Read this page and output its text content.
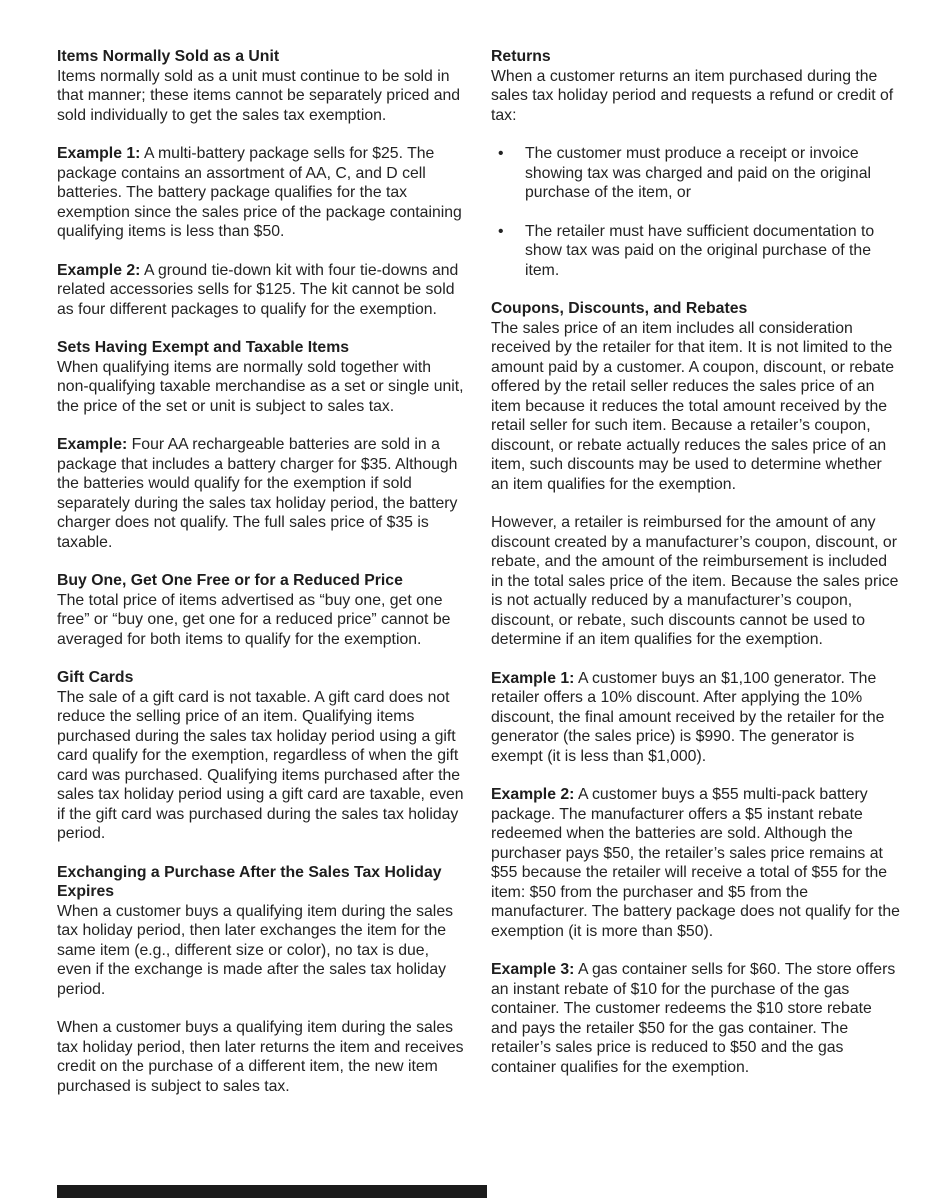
Items Normally Sold as a Unit

Items normally sold as a unit must continue to be sold in that manner; these items cannot be separately priced and sold individually to get the sales tax exemption.

Example 1: A multi-battery package sells for $25. The package contains an assortment of AA, C, and D cell batteries. The battery package qualifies for the tax exemption since the sales price of the package containing qualifying items is less than $50.

Example 2: A ground tie-down kit with four tie-downs and related accessories sells for $125. The kit cannot be sold as four different packages to qualify for the exemption.

Sets Having Exempt and Taxable Items

When qualifying items are normally sold together with non-qualifying taxable merchandise as a set or single unit, the price of the set or unit is subject to sales tax.

Example: Four AA rechargeable batteries are sold in a package that includes a battery charger for $35. Although the batteries would qualify for the exemption if sold separately during the sales tax holiday period, the battery charger does not qualify. The full sales price of $35 is taxable.

Buy One, Get One Free or for a Reduced Price

The total price of items advertised as “buy one, get one free” or “buy one, get one for a reduced price” cannot be averaged for both items to qualify for the exemption.

Gift Cards

The sale of a gift card is not taxable. A gift card does not reduce the selling price of an item. Qualifying items purchased during the sales tax holiday period using a gift card qualify for the exemption, regardless of when the gift card was purchased. Qualifying items purchased after the sales tax holiday period using a gift card are taxable, even if the gift card was purchased during the sales tax holiday period.

Exchanging a Purchase After the Sales Tax Holiday Expires

When a customer buys a qualifying item during the sales tax holiday period, then later exchanges the item for the same item (e.g., different size or color), no tax is due, even if the exchange is made after the sales tax holiday period.

When a customer buys a qualifying item during the sales tax holiday period, then later returns the item and receives credit on the purchase of a different item, the new item purchased is subject to sales tax.

Returns

When a customer returns an item purchased during the sales tax holiday period and requests a refund or credit of tax:

•	The customer must produce a receipt or invoice showing tax was charged and paid on the original purchase of the item, or
•	The retailer must have sufficient documentation to show tax was paid on the original purchase of the item.
Coupons, Discounts, and Rebates

The sales price of an item includes all consideration received by the retailer for that item. It is not limited to the amount paid by a customer. A coupon, discount, or rebate offered by the retail seller reduces the sales price of an item because it reduces the total amount received by the retail seller for such item. Because a retailer’s coupon, discount, or rebate actually reduces the sales price of an item, such discounts may be used to determine whether an item qualifies for the exemption.

However, a retailer is reimbursed for the amount of any discount created by a manufacturer’s coupon, discount, or rebate, and the amount of the reimbursement is included in the total sales price of the item. Because the sales price is not actually reduced by a manufacturer’s coupon, discount, or rebate, such discounts cannot be used to determine if an item qualifies for the exemption.

Example 1: A customer buys an $1,100 generator. The retailer offers a 10% discount. After applying the 10% discount, the final amount received by the retailer for the generator (the sales price) is $990. The generator is exempt (it is less than $1,000).

Example 2: A customer buys a $55 multi-pack battery package. The manufacturer offers a $5 instant rebate redeemed when the batteries are sold. Although the purchaser pays $50, the retailer’s sales price remains at $55 because the retailer will receive a total of $55 for the item: $50 from the purchaser and $5 from the manufacturer. The battery package does not qualify for the exemption (it is more than $50).

Example 3: A gas container sells for $60. The store offers an instant rebate of $10 for the purchase of the gas container. The customer redeems the $10 store rebate and pays the retailer $50 for the gas container. The retailer’s sales price is reduced to $50 and the gas container qualifies for the exemption.
